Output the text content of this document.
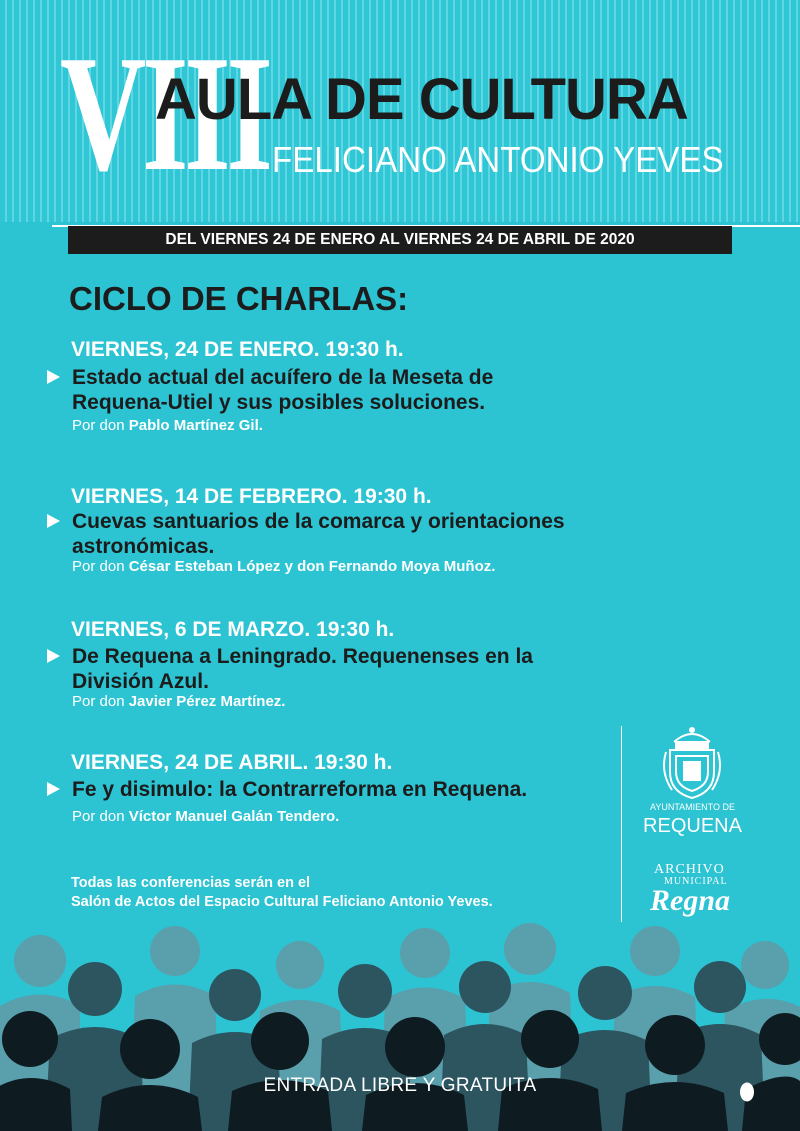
VIII
AULA DE CULTURA
FELICIANO ANTONIO YEVES
DEL VIERNES 24 DE ENERO AL VIERNES 24 DE ABRIL DE 2020
CICLO DE CHARLAS:
VIERNES, 24 DE ENERO. 19:30 h.
Estado actual del acuífero de la Meseta de
Requena-Utiel y sus posibles soluciones.
Por don Pablo Martínez Gil.
VIERNES, 14 DE FEBRERO. 19:30 h.
Cuevas santuarios de la comarca y orientaciones
astronómicas.
Por don César Esteban López y don Fernando Moya Muñoz.
VIERNES, 6 DE MARZO. 19:30 h.
De Requena a Leningrado. Requenenses en la
División Azul.
Por don Javier Pérez Martínez.
VIERNES, 24 DE ABRIL. 19:30 h.
Fe y disimulo: la Contrarreforma en Requena.
Por don Víctor Manuel Galán Tendero.
Todas las conferencias serán en el
Salón de Actos del Espacio Cultural Feliciano Antonio Yeves.
AYUNTAMIENTO DE
REQUENA
ARCHIVO
MUNICIPAL
Regna
ENTRADA LIBRE Y GRATUITA
